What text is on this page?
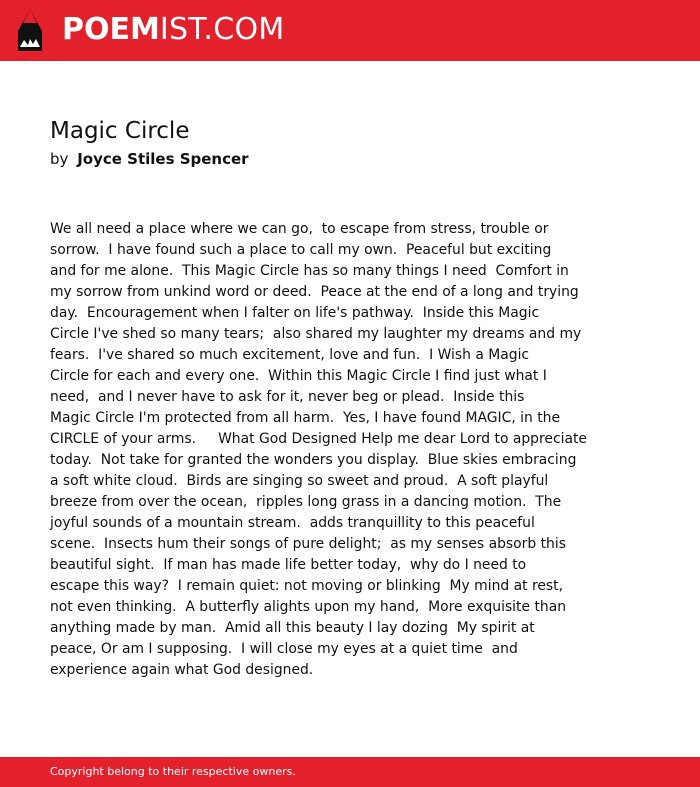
POEMIST.COM
Magic Circle
by Joyce Stiles Spencer
We all need a place where we can go,  to escape from stress, trouble or
sorrow.  I have found such a place to call my own.  Peaceful but exciting
and for me alone.  This Magic Circle has so many things I need  Comfort in
my sorrow from unkind word or deed.  Peace at the end of a long and trying
day.  Encouragement when I falter on life's pathway.  Inside this Magic
Circle I've shed so many tears;  also shared my laughter my dreams and my
fears.  I've shared so much excitement, love and fun.  I Wish a Magic
Circle for each and every one.  Within this Magic Circle I find just what I
need,  and I never have to ask for it, never beg or plead.  Inside this
Magic Circle I'm protected from all harm.  Yes, I have found MAGIC, in the
CIRCLE of your arms.     What God Designed Help me dear Lord to appreciate
today.  Not take for granted the wonders you display.  Blue skies embracing
a soft white cloud.  Birds are singing so sweet and proud.  A soft playful
breeze from over the ocean,  ripples long grass in a dancing motion.  The
joyful sounds of a mountain stream.  adds tranquillity to this peaceful
scene.  Insects hum their songs of pure delight;  as my senses absorb this
beautiful sight.  If man has made life better today,  why do I need to
escape this way?  I remain quiet: not moving or blinking  My mind at rest,
not even thinking.  A butterfly alights upon my hand,  More exquisite than
anything made by man.  Amid all this beauty I lay dozing  My spirit at
peace, Or am I supposing.  I will close my eyes at a quiet time  and
experience again what God designed.
Copyright belong to their respective owners.
